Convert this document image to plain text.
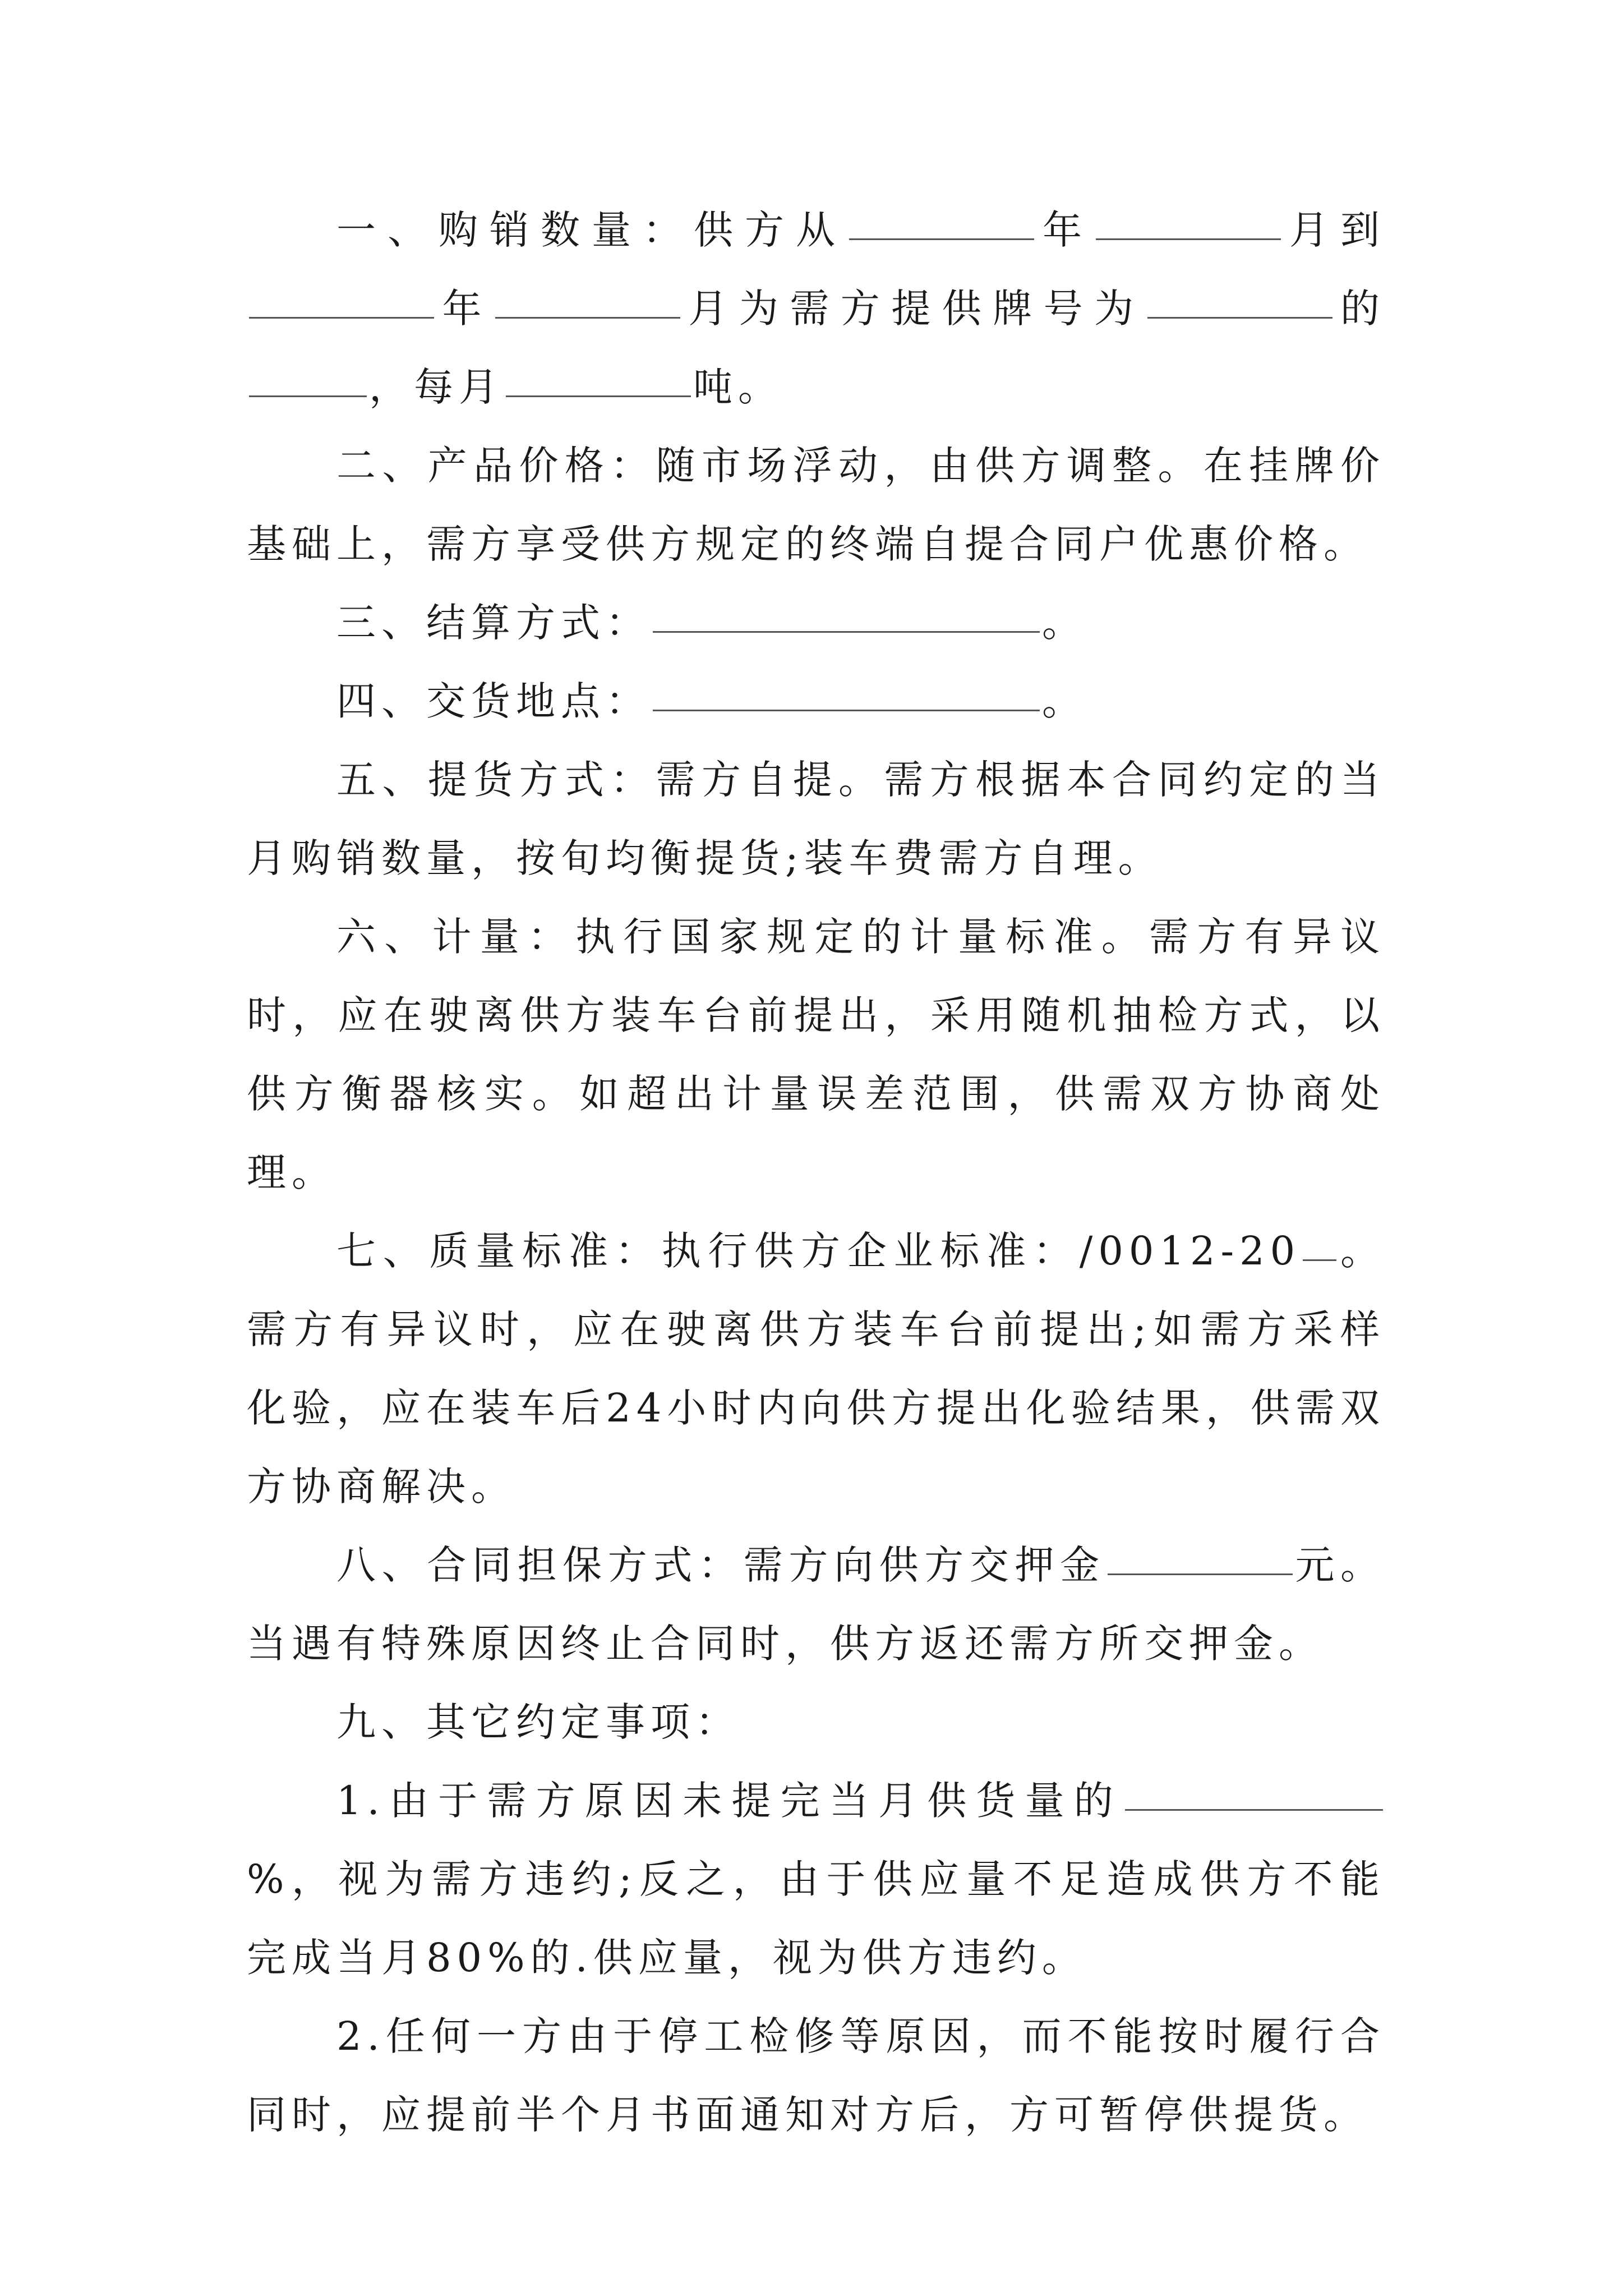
一、购销数量：供方从	年	月到年	月为需方提供牌号为	的，每月	吨。

二、产品价格：随市场浮动，由供方调整。在挂牌价基础上，需方享受供方规定的终端自提合同户优惠价格。

三、结算方式：	。

四、交货地点：	。

五、提货方式：需方自提。需方根据本合同约定的当月购销数量，按旬均衡提货;装车费需方自理。

六、计量：执行国家规定的计量标准。需方有异议时，应在驶离供方装车台前提出，采用随机抽检方式，以供方衡器核实。如超出计量误差范围，供需双方协商处理。

七、质量标准：执行供方企业标准：/0012-20 。需方有异议时，应在驶离供方装车台前提出;如需方采样化验，应在装车后24小时内向供方提出化验结果，供需双方协商解决。

八、合同担保方式：需方向供方交押金	元。当遇有特殊原因终止合同时，供方返还需方所交押金。

九、其它约定事项：

1.由于需方原因未提完当月供货量的%，视为需方违约;反之，由于供应量不足造成供方不能完成当月80%的.供应量，视为供方违约。

2.任何一方由于停工检修等原因，而不能按时履行合同时，应提前半个月书面通知对方后，方可暂停供提货。
